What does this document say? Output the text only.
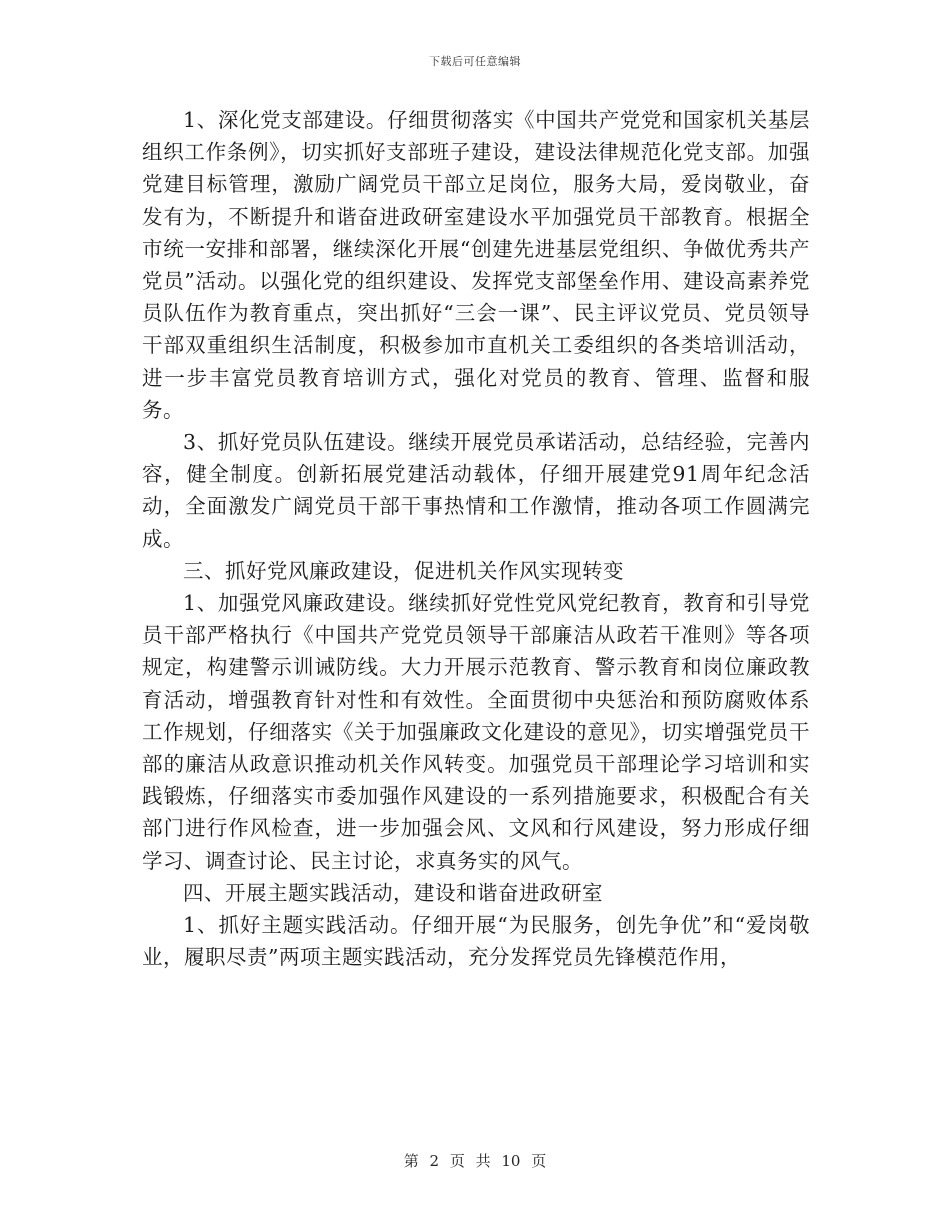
下载后可任意编辑

1、深化党支部建设。仔细贯彻落实《中国共产党党和国家机关基层组织工作条例》，切实抓好支部班子建设，建设法律规范化党支部。加强党建目标管理，激励广阔党员干部立足岗位，服务大局，爱岗敬业，奋发有为，不断提升和谐奋进政研室建设水平加强党员干部教育。根据全市统一安排和部署，继续深化开展“创建先进基层党组织、争做优秀共产党员”活动。以强化党的组织建设、发挥党支部堡垒作用、建设高素养党员队伍作为教育重点，突出抓好“三会一课”、民主评议党员、党员领导干部双重组织生活制度，积极参加市直机关工委组织的各类培训活动，进一步丰富党员教育培训方式，强化对党员的教育、管理、监督和服务。

3、抓好党员队伍建设。继续开展党员承诺活动，总结经验，完善内容，健全制度。创新拓展党建活动载体，仔细开展建党91周年纪念活动，全面激发广阔党员干部干事热情和工作激情，推动各项工作圆满完成。

三、抓好党风廉政建设，促进机关作风实现转变

1、加强党风廉政建设。继续抓好党性党风党纪教育，教育和引导党员干部严格执行《中国共产党党员领导干部廉洁从政若干准则》等各项规定，构建警示训诫防线。大力开展示范教育、警示教育和岗位廉政教育活动，增强教育针对性和有效性。全面贯彻中央惩治和预防腐败体系工作规划，仔细落实《关于加强廉政文化建设的意见》，切实增强党员干部的廉洁从政意识推动机关作风转变。加强党员干部理论学习培训和实践锻炼，仔细落实市委加强作风建设的一系列措施要求，积极配合有关部门进行作风检查，进一步加强会风、文风和行风建设，努力形成仔细学习、调查讨论、民主讨论，求真务实的风气。

四、开展主题实践活动，建设和谐奋进政研室

1、抓好主题实践活动。仔细开展“为民服务，创先争优”和“爱岗敬业，履职尽责”两项主题实践活动，充分发挥党员先锋模范作用，

第 2 页 共 10 页
